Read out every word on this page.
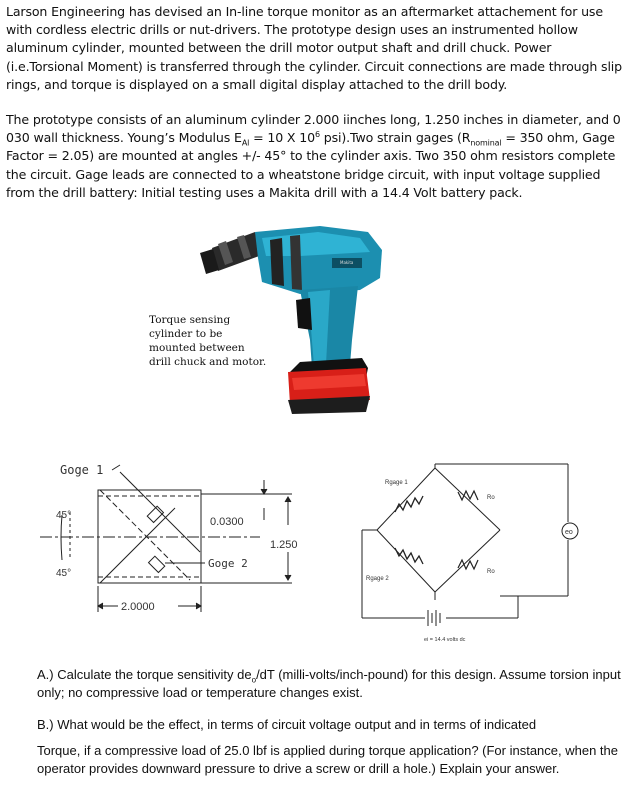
Larson Engineering has devised an In-line torque monitor as an aftermarket attachement for use with cordless electric drills or nut-drivers. The prototype design uses an instrumented hollow aluminum cylinder, mounted between the drill motor output shaft and drill chuck. Power (i.e.Torsional Moment) is transferred through the cylinder. Circuit connections are made through slip rings, and torque is displayed on a small digital display attached to the drill body.
The prototype consists of an aluminum cylinder 2.000 iinches long, 1.250 inches in diameter, and 0 030 wall thickness. Young’s Modulus $E_{Al} = 10$ X $10^6$ psi).Two strain gages ($R_{nominal} = 350$ ohm, Gage Factor = 2.05) are mounted at angles +/- 45° to the cylinder axis. Two 350 ohm resistors complete the circuit. Gage leads are connected to a wheatstone bridge circuit, with input voltage supplied from the drill battery: Initial testing uses a Makita drill with a 14.4 Volt battery pack.
Makita
Goge 1
45°
45°
0.0300
1.250
Goge 2
2.0000
Rgage 1
Rgage 2
Ro
Ro
eo
ei = 14.4 volts dc
Torque sensing cylinder to be mounted between drill chuck and motor.
A.) Calculate the torque sensitivity $de_o/dT$ (milli-volts/inch-pound) for this design. Assume torsion input only; no compressive load or temperature changes exist.
B.) What would be the effect, in terms of circuit voltage output and in terms of indicated
Torque, if a compressive load of 25.0 lbf is applied during torque application? (For instance, when the operator provides downward pressure to drive a screw or drill a hole.) Explain your answer.
